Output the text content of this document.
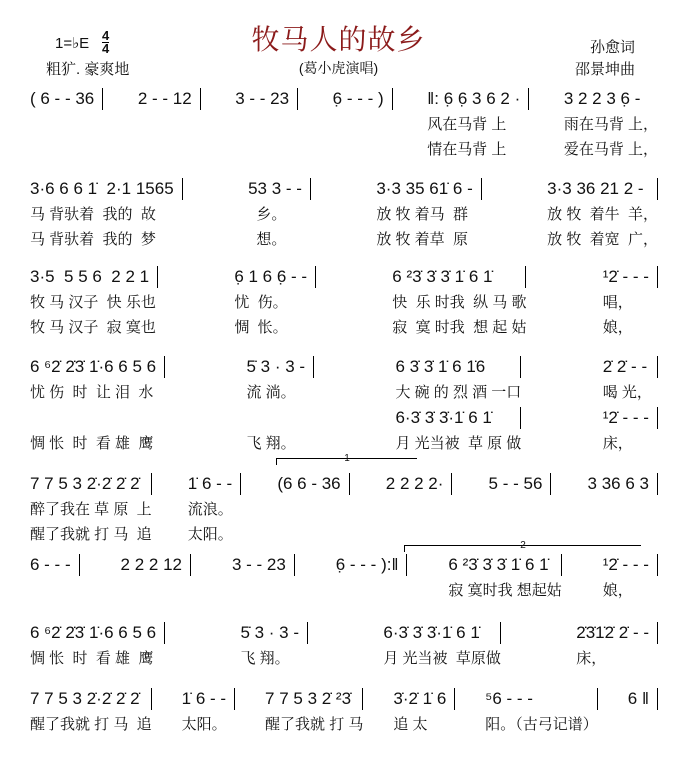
1=♭E 4
4
粗犷. 豪爽地
牧马人的故乡
(葛小虎演唱)
孙愈词
邵景坤曲
1
2
( 6 - - 36	2 - - 12	3 - - 23	6̣ - - - )	‖: 6̣ 6̣ 3 6 2 ·	3 2 2 3 6̣ -
风在马背 上	雨在马背 上，
情在马背 上	爱在马背 上，
3·6 6 6 1̇  2·1 1565	53 3 - -	3·3 35 61̇ 6 -	3·3 36 21 2 -
马 背驮着  我的  故	乡。	放 牧 着马  群	放 牧  着牛  羊，
马 背驮着  我的  梦	想。	放 牧 着草  原	放 牧  着宽  广，
3·5  5 5 6  2 2 1	6̣ 1 6 6̣ - -	6 ²3̇ 3̇ 3̇ 1̇ 6 1̇	¹2̇ - - -
牧 马 汉子  快 乐也	忧  伤。	快  乐 时我  纵 马 歌	唱，
牧 马 汉子  寂 寞也	惆  怅。	寂  寞 时我  想 起 姑	娘，
6 ⁶2̇ 2̇3̇ 1̇·6 6 5 6	5̇ 3 · 3 -	6 3̇ 3̇ 1̇ 6 1̇6	2̇ 2̇ - -
忧 伤  时  让 泪  水	流 淌。	大 碗 的 烈 酒 一口	喝 光，
6·3̇ 3̇ 3̇·1̇ 6 1̇	¹2̇ - - -
惆 怅  时  看 雄  鹰	飞 翔。	月 光当被  草 原 做	床，
7 7 5 3 2̇·2̇ 2̇ 2̇	1̇ 6 - -	(6 6 - 36	2 2 2 2·	5 - - 56	3 36 6 3
醉了我在 草 原  上 流浪。
醒了我就 打 马  追 太阳。
6 - - -	2 2 2 12	3 - - 23	6̣ - - - ):‖	6 ²3̇ 3̇ 3̇ 1̇ 6 1̇	¹2̇ - - -
寂 寞时我 想起姑	娘，
6 ⁶2̇ 2̇3̇ 1̇·6 6 5 6	5̇ 3 · 3 -	6·3̇ 3̇ 3̇·1̇ 6 1̇	2̇3̇1̇2̇ 2̇ - -
惆 怅  时  看 雄  鹰	飞 翔。	月 光当被  草原做	床，
7 7 5 3 2̇·2̇ 2̇ 2̇	1̇ 6 - -	7 7 5 3 2̇ ²3̇	3̇·2̇ 1̇ 6	⁵6 - - -	6 ‖
醒了我就 打 马  追 太阳。	醒了我就 打 马 追 太	阳。（古弓记谱）
